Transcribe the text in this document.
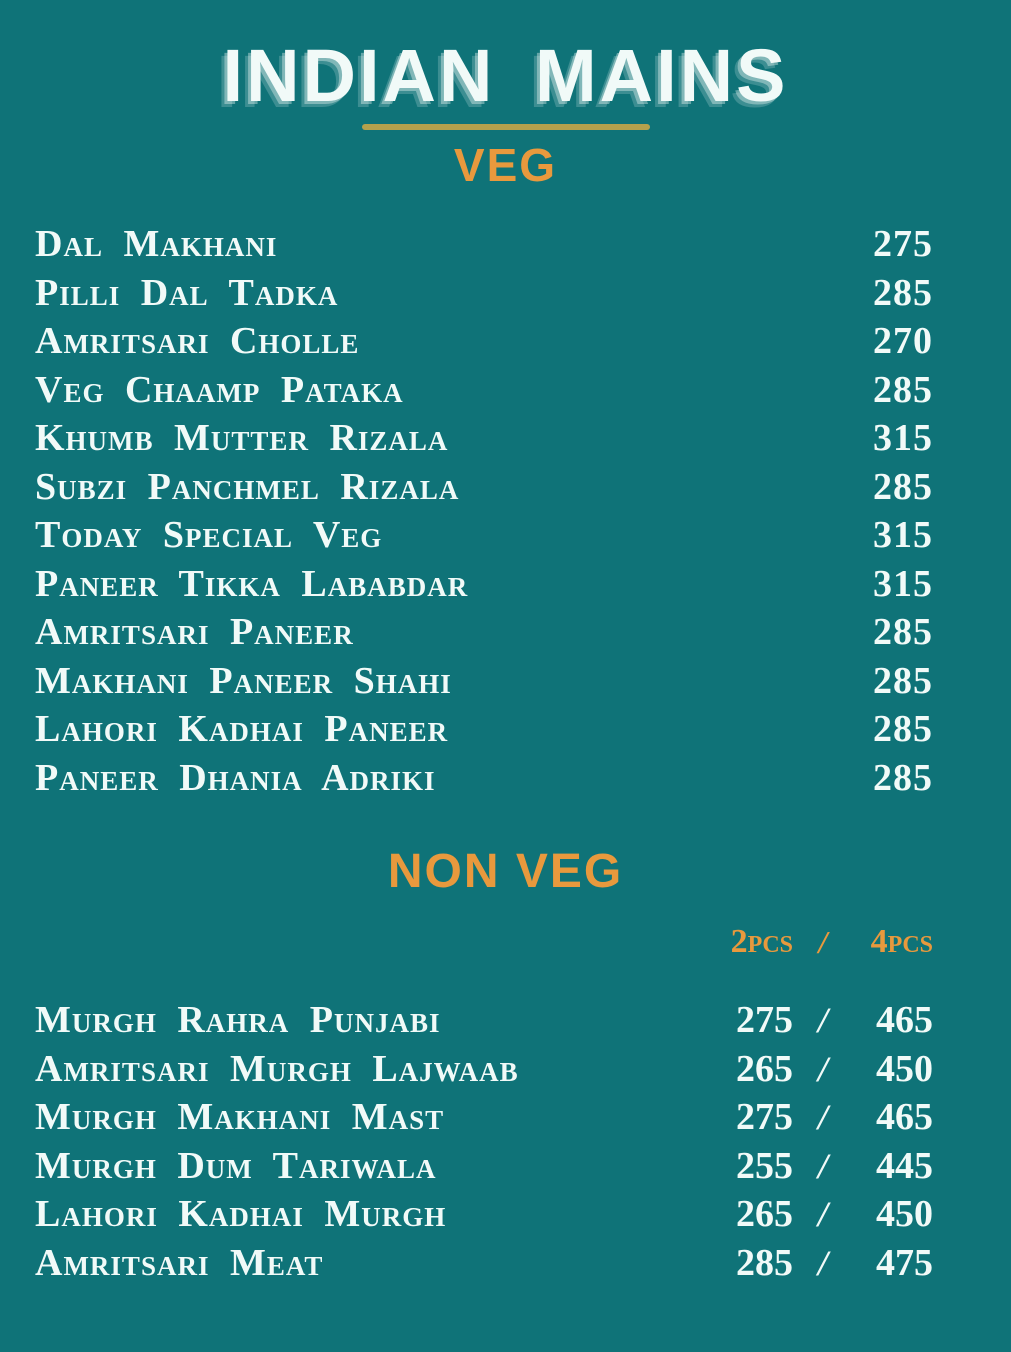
INDIAN MAINS
VEG
Dal Makhani	275
Pilli Dal Tadka	285
Amritsari Cholle	270
Veg Chaamp Pataka	285
Khumb Mutter Rizala	315
Subzi Panchmel Rizala	285
Today Special Veg	315
Paneer Tikka Lababdar	315
Amritsari Paneer	285
Makhani Paneer Shahi	285
Lahori Kadhai Paneer	285
Paneer Dhania Adriki	285
NON VEG
2pcs /	4pcs
Murgh Rahra Punjabi	275 /	465
Amritsari Murgh Lajwaab	265 /	450
Murgh Makhani Mast	275 /	465
Murgh Dum Tariwala	255 /	445
Lahori Kadhai Murgh	265 /	450
Amritsari Meat	285 /	475
